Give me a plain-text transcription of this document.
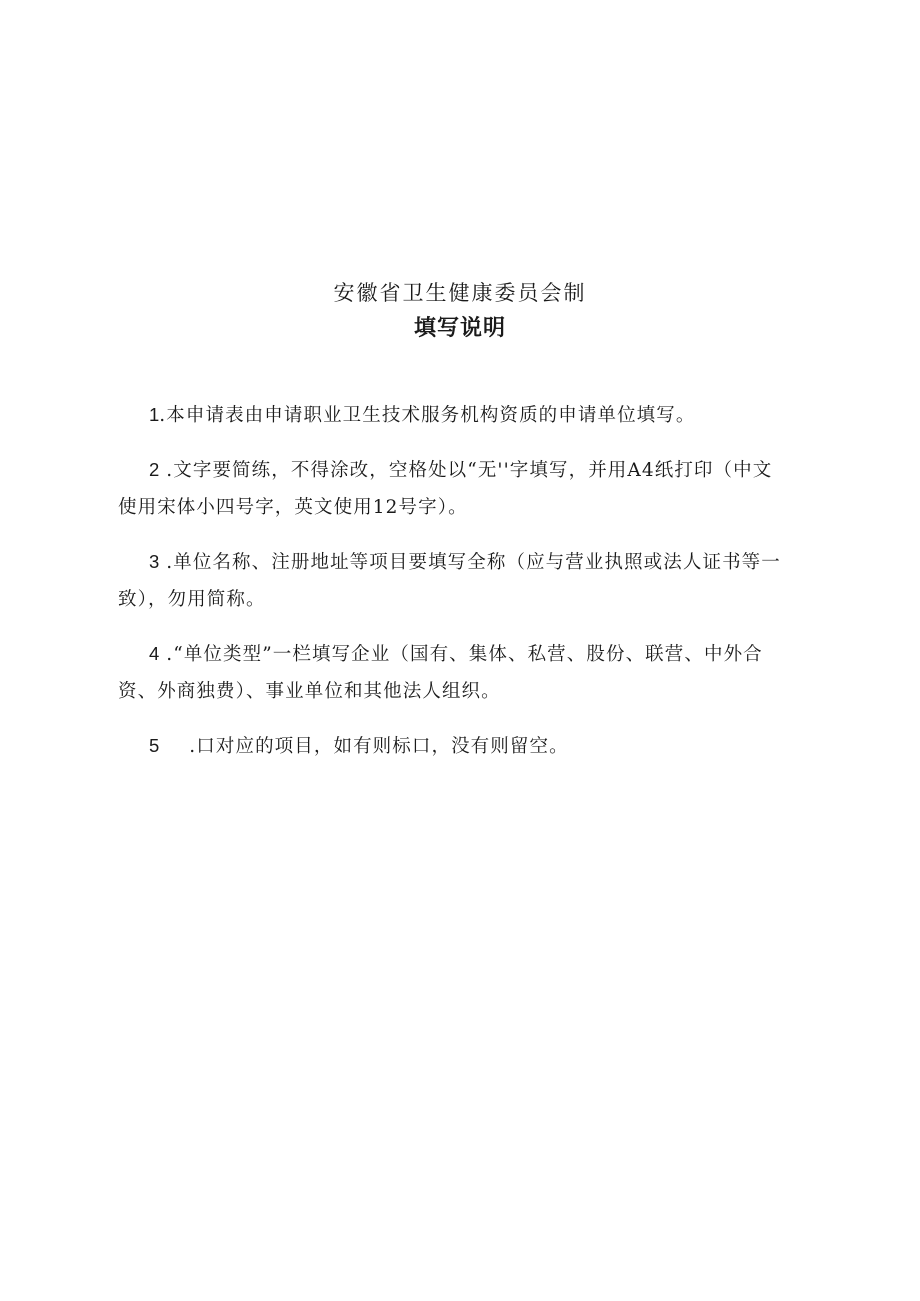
安徽省卫生健康委员会制
填写说明
1.本申请表由申请职业卫生技术服务机构资质的申请单位填写。
2 .文字要简练，不得涂改，空格处以“无''字填写，并用A4纸打印（中文
使用宋体小四号字，英文使用12号字）。
3 .单位名称、注册地址等项目要填写全称（应与营业执照或法人证书等一
致），勿用简称。
4 .“单位类型”一栏填写企业（国有、集体、私营、股份、联营、中外合
资、外商独费）、事业单位和其他法人组织。
5 .口对应的项目，如有则标口，没有则留空。
